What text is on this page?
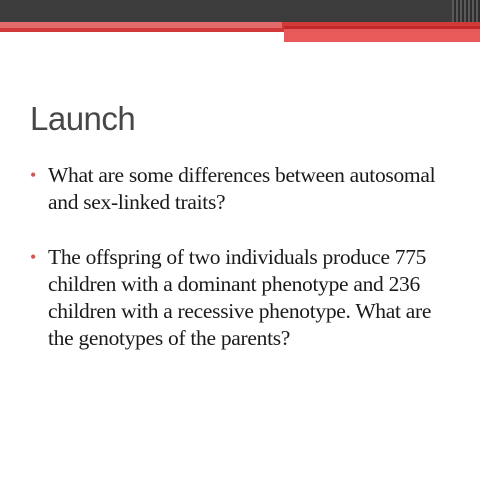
Launch
• What are some differences between autosomal and sex-linked traits?
• The offspring of two individuals produce 775 children with a dominant phenotype and 236 children with a recessive phenotype. What are the genotypes of the parents?
